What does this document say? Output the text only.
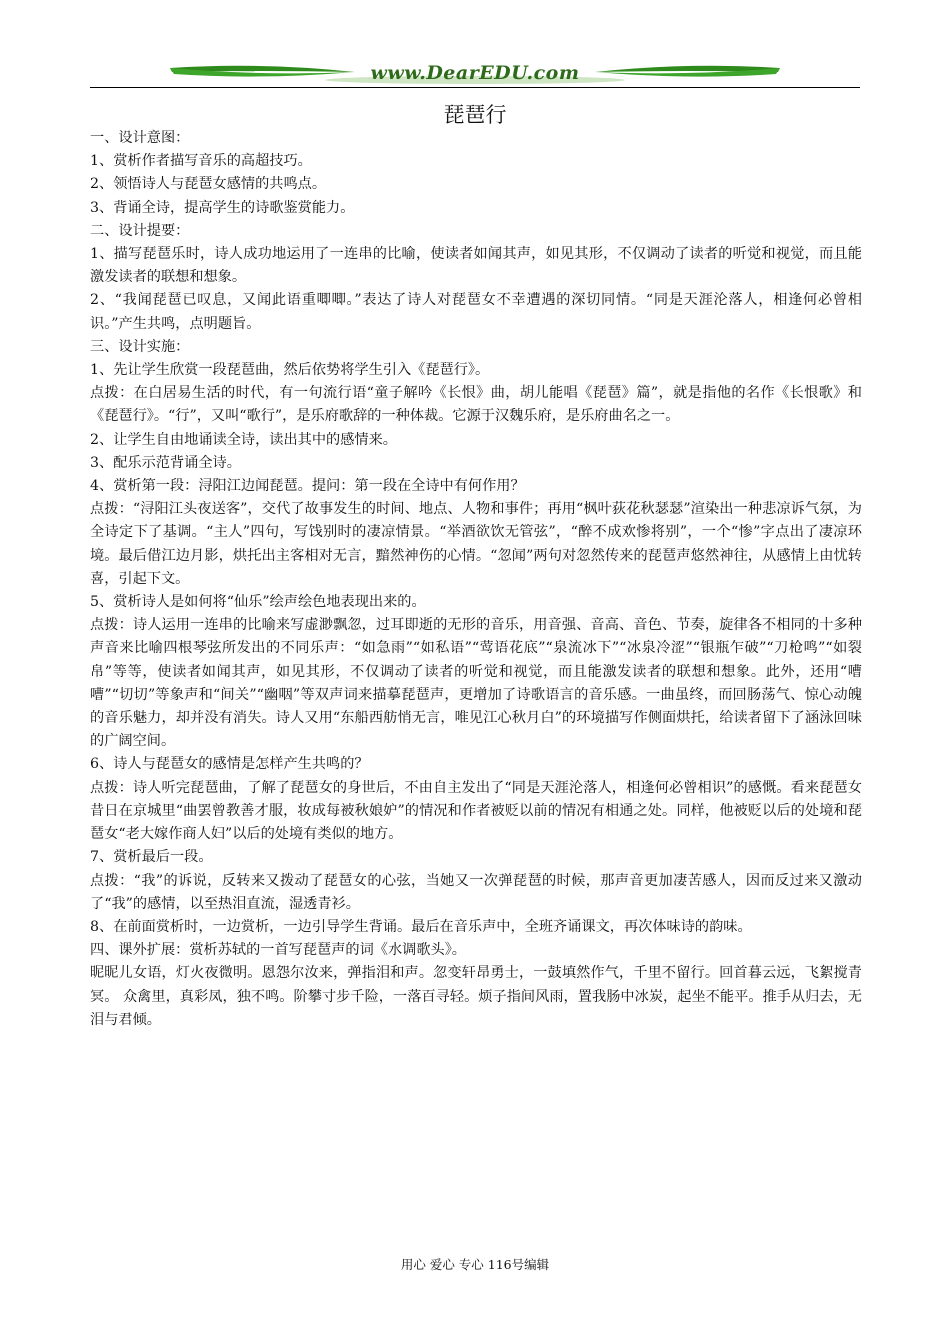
www.DearEDU.com
琵琶行

一、设计意图：

1、赏析作者描写音乐的高超技巧。

2、领悟诗人与琵琶女感情的共鸣点。

3、背诵全诗，提高学生的诗歌鉴赏能力。

二、设计提要：

1、描写琵琶乐时，诗人成功地运用了一连串的比喻，使读者如闻其声，如见其形，不仅调动了读者的听觉和视觉，而且能激发读者的联想和想象。

2、“我闻琵琶已叹息，又闻此语重唧唧。”表达了诗人对琵琶女不幸遭遇的深切同情。“同是天涯沦落人，相逢何必曾相识。”产生共鸣，点明题旨。

三、设计实施：

1、先让学生欣赏一段琵琶曲，然后依势将学生引入《琵琶行》。

点拨：在白居易生活的时代，有一句流行语“童子解吟《长恨》曲，胡儿能唱《琵琶》篇”，就是指他的名作《长恨歌》和《琵琶行》。“行”，又叫“歌行”，是乐府歌辞的一种体裁。它源于汉魏乐府，是乐府曲名之一。

2、让学生自由地诵读全诗，读出其中的感情来。

3、配乐示范背诵全诗。

4、赏析第一段：浔阳江边闻琵琶。提问：第一段在全诗中有何作用？

点拨：“浔阳江头夜送客”，交代了故事发生的时间、地点、人物和事件；再用“枫叶荻花秋瑟瑟”渲染出一种悲凉诉气氛，为全诗定下了基调。“主人”四句，写饯别时的凄凉情景。“举酒欲饮无管弦”，“醉不成欢惨将别”，一个“惨”字点出了凄凉环境。最后借江边月影，烘托出主客相对无言，黯然神伤的心情。“忽闻”两句对忽然传来的琵琶声悠然神往，从感情上由忧转喜，引起下文。

5、赏析诗人是如何将“仙乐”绘声绘色地表现出来的。

点拨：诗人运用一连串的比喻来写虚渺飘忽，过耳即逝的无形的音乐，用音强、音高、音色、节奏，旋律各不相同的十多种声音来比喻四根琴弦所发出的不同乐声：“如急雨”“如私语”“莺语花底”“泉流冰下”“冰泉冷涩”“银瓶乍破”“刀枪鸣”“如裂帛”等等，使读者如闻其声，如见其形，不仅调动了读者的听觉和视觉，而且能激发读者的联想和想象。此外，还用“嘈嘈”“切切”等象声和“间关”“幽咽”等双声词来描摹琵琶声，更增加了诗歌语言的音乐感。一曲虽终，而回肠荡气、惊心动魄的音乐魅力，却并没有消失。诗人又用“东船西舫悄无言，唯见江心秋月白”的环境描写作侧面烘托，给读者留下了涵泳回味的广阔空间。

6、诗人与琵琶女的感情是怎样产生共鸣的？

点拨：诗人听完琵琶曲，了解了琵琶女的身世后，不由自主发出了“同是天涯沦落人，相逢何必曾相识”的感慨。看来琵琶女昔日在京城里“曲罢曾教善才服，妆成每被秋娘妒”的情况和作者被贬以前的情况有相通之处。同样，他被贬以后的处境和琵琶女“老大嫁作商人妇”以后的处境有类似的地方。

7、赏析最后一段。

点拨：“我”的诉说，反转来又拨动了琵琶女的心弦，当她又一次弹琵琶的时候，那声音更加凄苦感人，因而反过来又激动了“我”的感情，以至热泪直流，湿透青衫。

8、在前面赏析时，一边赏析，一边引导学生背诵。最后在音乐声中，全班齐诵课文，再次体味诗的韵味。

四、课外扩展：赏析苏轼的一首写琵琶声的词《水调歌头》。

昵昵儿女语，灯火夜微明。恩怨尔汝来，弹指泪和声。忽变轩昂勇士，一鼓填然作气，千里不留行。回首暮云远，飞絮搅青冥。 众禽里，真彩凤，独不鸣。阶攀寸步千险，一落百寻轻。烦子指间风雨，置我肠中冰炭，起坐不能平。推手从归去，无泪与君倾。

用心 爱心 专心 116号编辑
